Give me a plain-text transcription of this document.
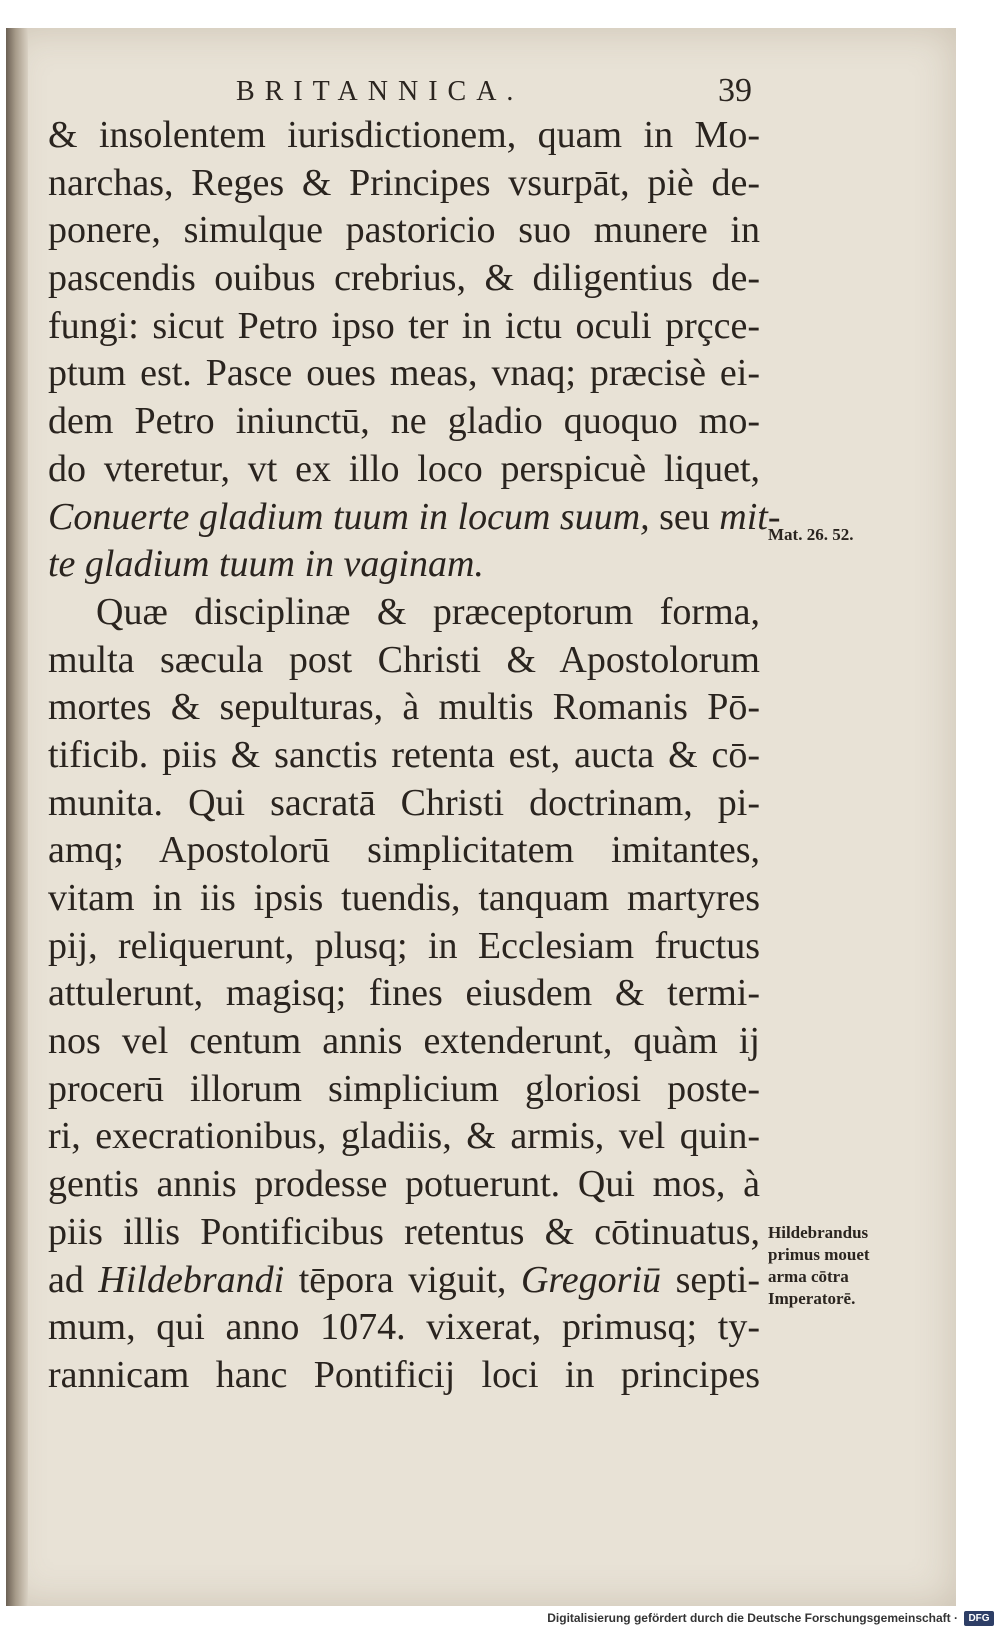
BRITANNICA.	39
& insolentem iurisdictionem, quam in Mo-
narchas, Reges & Principes vsurpāt, piè de-
ponere, simulque pastoricio suo munere in
pascendis ouibus crebrius, & diligentius de-
fungi: sicut Petro ipso ter in ictu oculi prçce-
ptum est. Pasce oues meas, vnaq; præcisè ei-
dem Petro iniunctū, ne gladio quoquo mo-
do vteretur, vt ex illo loco perspicuè liquet,
Conuerte gladium tuum in locum suum, seu mit-
te gladium tuum in vaginam.
Quæ disciplinæ & præceptorum forma,
multa sæcula post Christi & Apostolorum
mortes & sepulturas, à multis Romanis Pō-
tificib. piis & sanctis retenta est, aucta & cō-
munita. Qui sacratā Christi doctrinam, pi-
amq; Apostolorū simplicitatem imitantes,
vitam in iis ipsis tuendis, tanquam martyres
pij, reliquerunt, plusq; in Ecclesiam fructus
attulerunt, magisq; fines eiusdem & termi-
nos vel centum annis extenderunt, quàm ij
procerū illorum simplicium gloriosi poste-
ri, execrationibus, gladiis, & armis, vel quin-
gentis annis prodesse potuerunt. Qui mos, à
piis illis Pontificibus retentus & cōtinuatus,
ad Hildebrandi tēpora viguit, Gregoriū septi-
mum, qui anno 1074. vixerat, primusq; ty-
rannicam hanc Pontificij loci in principes
Mat. 26. 52.
Hildebrandus primus mouet arma cōtra Imperatorē.
Digitalisierung gefördert durch die Deutsche Forschungsgemeinschaft ·	DFG
